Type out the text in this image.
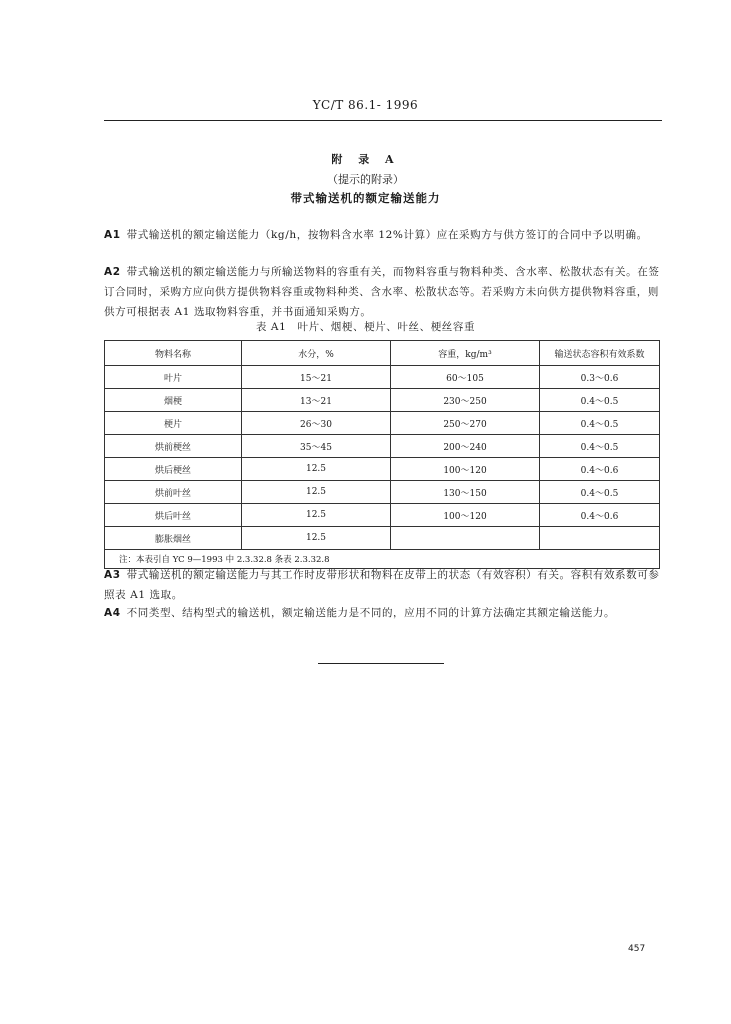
YC/T 86.1- 1996
附 录 A
（提示的附录）
带式输送机的额定输送能力
A1 带式输送机的额定输送能力（kg/h，按物料含水率 12%计算）应在采购方与供方签订的合同中予以明确。
A2 带式输送机的额定输送能力与所输送物料的容重有关，而物料容重与物料种类、含水率、松散状态有关。在签订合同时，采购方应向供方提供物料容重或物料种类、含水率、松散状态等。若采购方未向供方提供物料容重，则供方可根据表 A1 选取物料容重，并书面通知采购方。
表 A1　叶片、烟梗、梗片、叶丝、梗丝容重
物料名称	水分，%	容重，kg/m³	输送状态容积有效系数
叶片	15～21	60～105	0.3～0.6
烟梗	13～21	230～250	0.4～0.5
梗片	26～30	250～270	0.4～0.5
烘前梗丝	35～45	200～240	0.4～0.5
烘后梗丝	12.5	100～120	0.4～0.6
烘前叶丝	12.5	130～150	0.4～0.5
烘后叶丝	12.5	100～120	0.4～0.6
膨胀烟丝	12.5		
注：本表引自 YC 9—1993 中 2.3.32.8 条表 2.3.32.8			
A3 带式输送机的额定输送能力与其工作时皮带形状和物料在皮带上的状态（有效容积）有关。容积有效系数可参照表 A1 选取。
A4 不同类型、结构型式的输送机，额定输送能力是不同的，应用不同的计算方法确定其额定输送能力。
457
